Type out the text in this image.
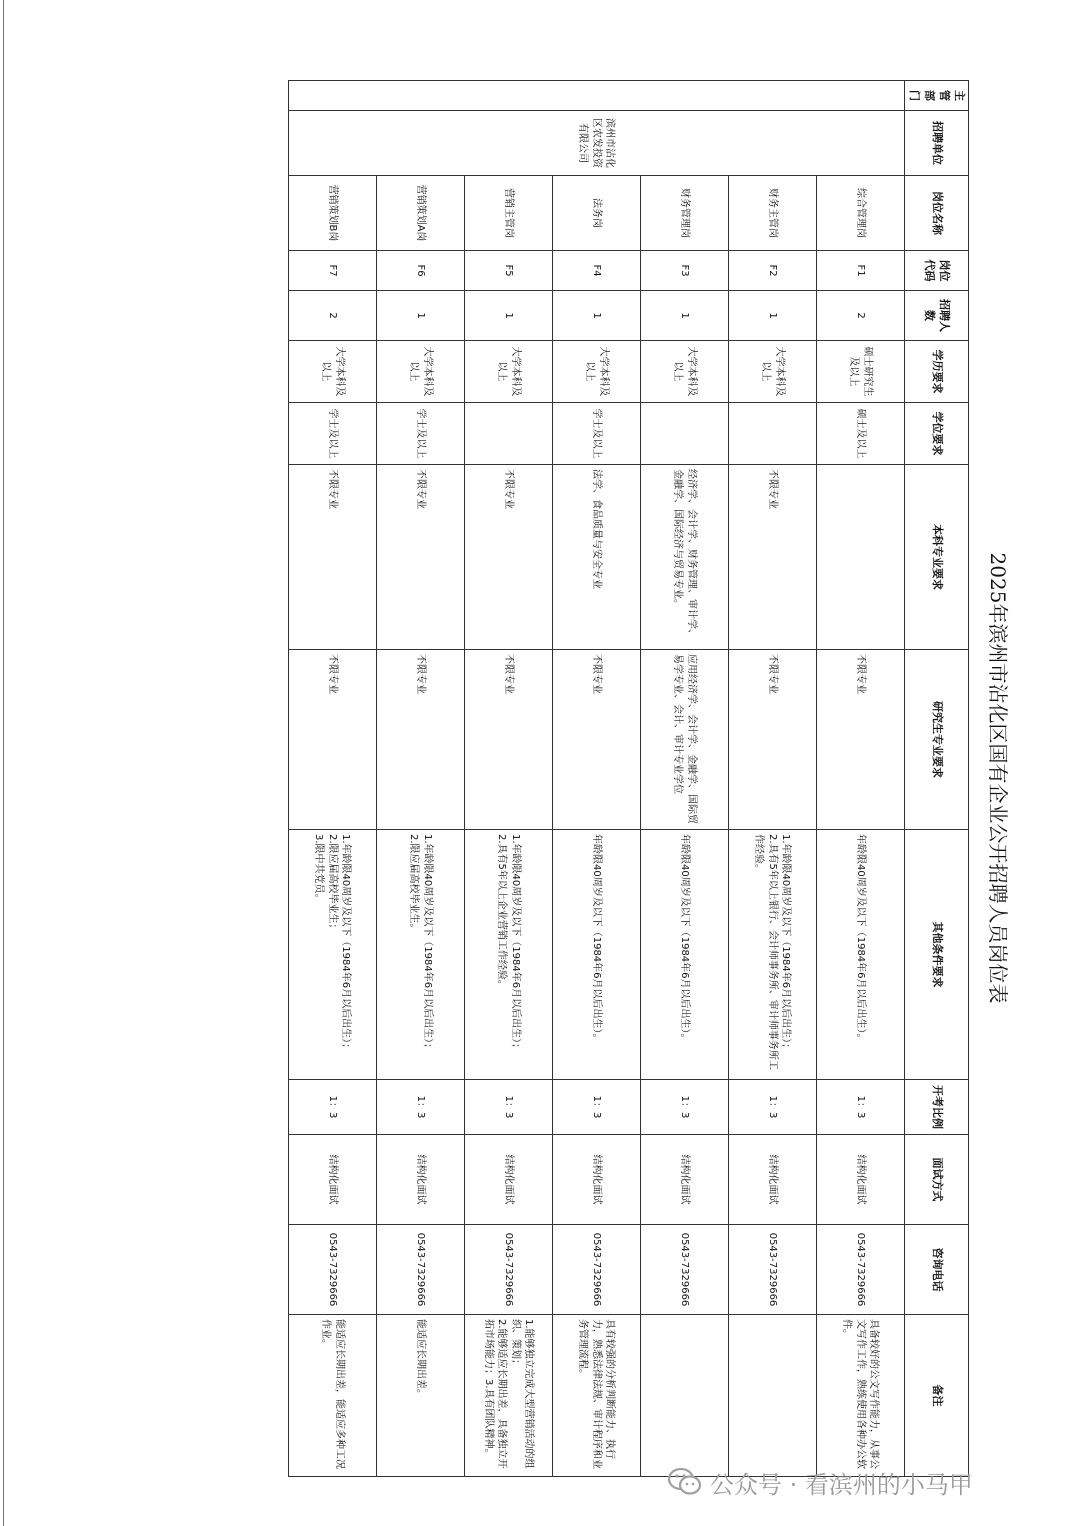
2025年滨州市沾化区国有企业公开招聘人员岗位表
主管部门	招聘单位	岗位名称	岗位代码	招聘人数	学历要求	学位要求	本科专业要求	研究生专业要求	其他条件要求	开考比例	面试方式	咨询电话	备注
	滨州市沾化区农发投资有限公司	综合管理岗	F1	2	硕士研究生及以上	硕士及以上		不限专业	年龄限40周岁及以下（1984年6月以后出生）。	1：3	结构化面试	0543-7329666	具备较好的公文写作能力，从事公文写作工作，熟练使用各种办公软件。
		财务主管岗	F2	1	大学本科及以上		不限专业	不限专业	1.年龄限40周岁及以下（1984年6月以后出生）；
2.具有5年以上银行、会计师事务所、审计师事务所工作经验。	1：3	结构化面试	0543-7329666	
		财务管理岗	F3	1	大学本科及以上		经济学、会计学、财务管理、审计学、金融学、国际经济与贸易专业。	应用经济学、会计学、金融学、国际贸易学专业、会计、审计专业学位	年龄限40周岁及以下（1984年6月以后出生）。	1：3	结构化面试	0543-7329666	
		法务岗	F4	1	大学本科及以上	学士及以上	法学、食品质量与安全专业	不限专业	年龄限40周岁及以下（1984年6月以后出生）。	1：3	结构化面试	0543-7329666	具有较强的分析判断能力、执行力，熟悉法律法规、审计程序和业务管理流程。
		营销主管岗	F5	1	大学本科及以上		不限专业	不限专业	1.年龄限40周岁及以下（1984年6月以后出生）；
2.具有5年以上企业营销工作经验。	1：3	结构化面试	0543-7329666	1.能够独立完成大型营销活动的组织、策划；
2.能够适应长期出差，具备独立开拓市场能力；3.具有团队精神。
		营销策划A岗	F6	1	大学本科及以上	学士及以上	不限专业	不限专业	1.年龄限40周岁及以下（1984年6月以后出生）；
2.限应届高校毕业生。	1：3	结构化面试	0543-7329666	能适应长期出差。
		营销策划B岗	F7	2	大学本科及以上	学士及以上	不限专业	不限专业	1.年龄限40周岁及以下（1984年6月以后出生）；
2.限应届高校毕业生；
3.限中共党员。	1：3	结构化面试	0543-7329666	能适应长期出差，能适应多种工况作业。
公众号 · 看滨州的小马甲
